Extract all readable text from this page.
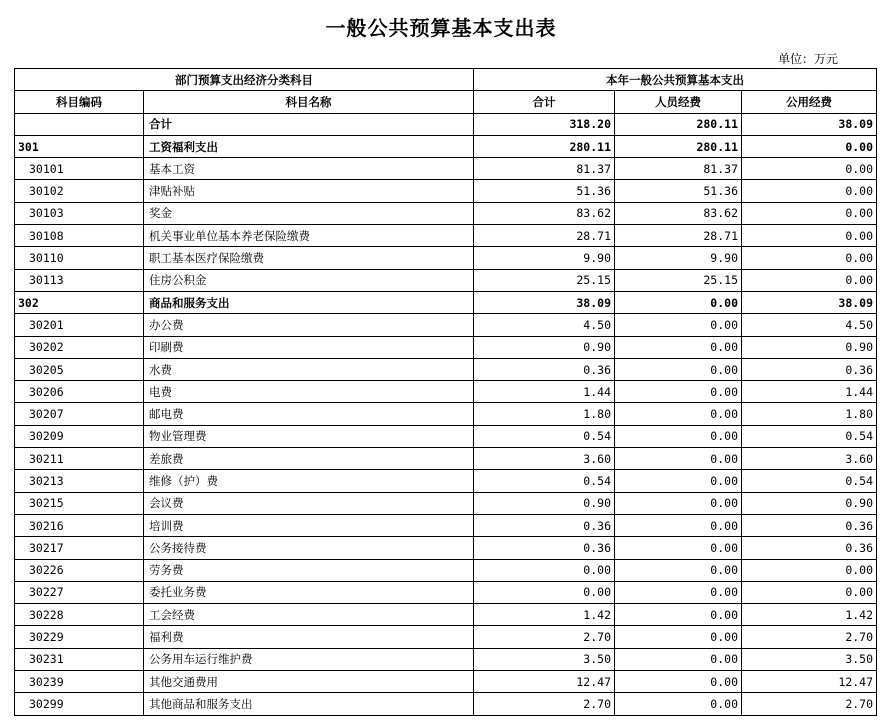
一般公共预算基本支出表
单位：万元
部门预算支出经济分类科目		本年一般公共预算基本支出		
科目编码	科目名称	合计	人员经费	公用经费
	合计	318.20	280.11	38.09
301	工资福利支出	280.11	280.11	0.00
30101	基本工资	81.37	81.37	0.00
30102	津贴补贴	51.36	51.36	0.00
30103	奖金	83.62	83.62	0.00
30108	机关事业单位基本养老保险缴费	28.71	28.71	0.00
30110	职工基本医疗保险缴费	9.90	9.90	0.00
30113	住房公积金	25.15	25.15	0.00
302	商品和服务支出	38.09	0.00	38.09
30201	办公费	4.50	0.00	4.50
30202	印刷费	0.90	0.00	0.90
30205	水费	0.36	0.00	0.36
30206	电费	1.44	0.00	1.44
30207	邮电费	1.80	0.00	1.80
30209	物业管理费	0.54	0.00	0.54
30211	差旅费	3.60	0.00	3.60
30213	维修（护）费	0.54	0.00	0.54
30215	会议费	0.90	0.00	0.90
30216	培训费	0.36	0.00	0.36
30217	公务接待费	0.36	0.00	0.36
30226	劳务费	0.00	0.00	0.00
30227	委托业务费	0.00	0.00	0.00
30228	工会经费	1.42	0.00	1.42
30229	福利费	2.70	0.00	2.70
30231	公务用车运行维护费	3.50	0.00	3.50
30239	其他交通费用	12.47	0.00	12.47
30299	其他商品和服务支出	2.70	0.00	2.70
